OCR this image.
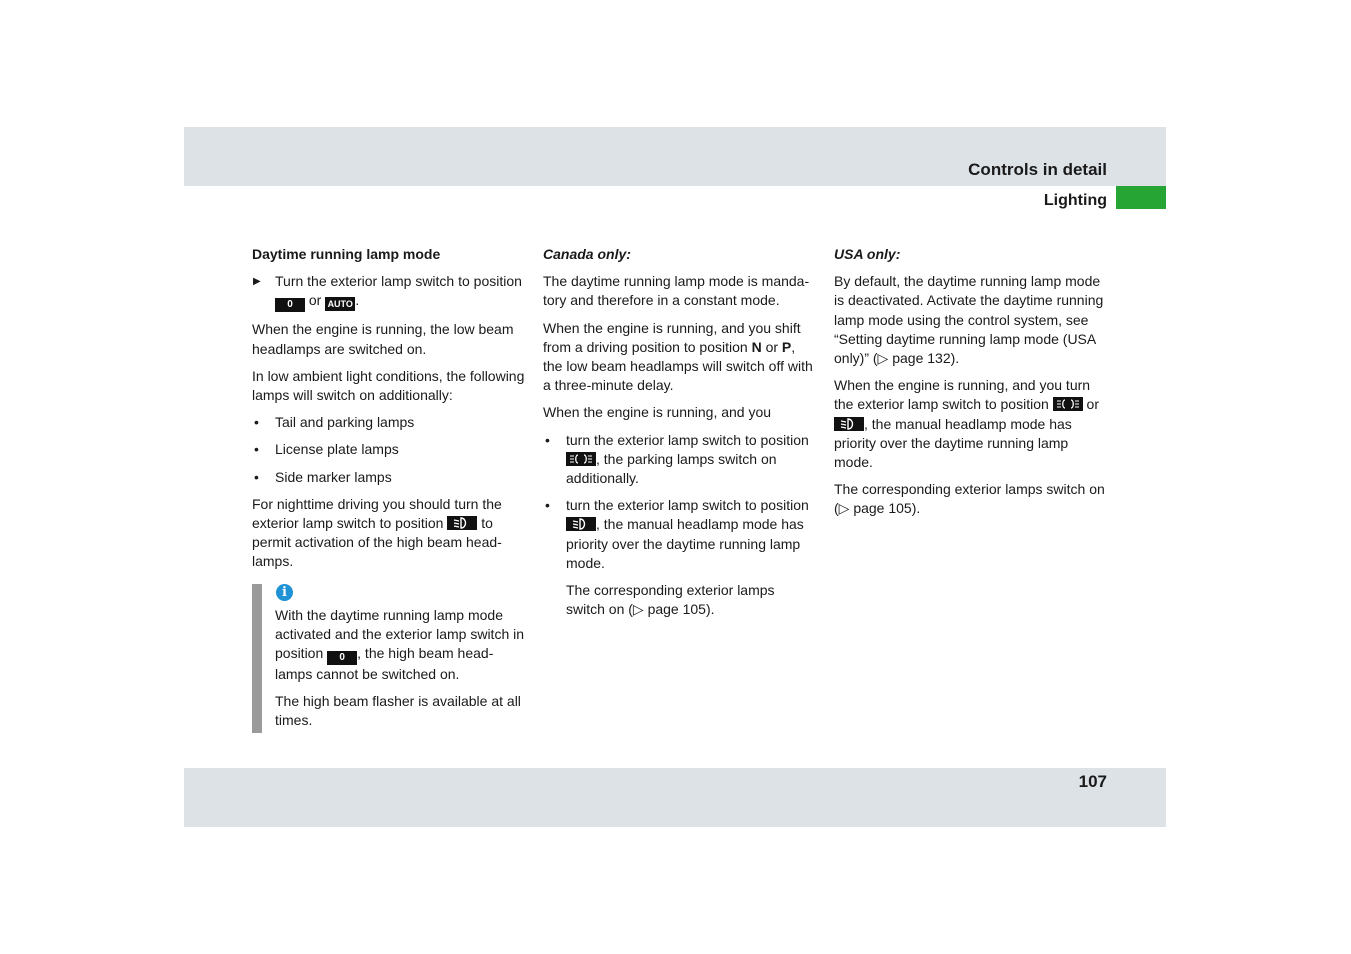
Controls in detail
Lighting
107
Daytime running lamp mode
▶ Turn the exterior lamp switch to position 0 or AUTO .

When the engine is running, the low beam headlamps are switched on.

In low ambient light conditions, the following lamps will switch on additionally:

• Tail and parking lamps
• License plate lamps
• Side marker lamps

For nighttime driving you should turn the exterior lamp switch to position	to permit activation of the high beam head-lamps.

i

With the daytime running lamp mode activated and the exterior lamp switch in position 0 , the high beam head-lamps cannot be switched on.

The high beam flasher is available at all times.

Canada only:

The daytime running lamp mode is manda-tory and therefore in a constant mode.

When the engine is running, and you shift from a driving position to position N or P, the low beam headlamps will switch off with a three-minute delay.

When the engine is running, and you

• turn the exterior lamp switch to position
, the parking lamps switch on additionally.
• turn the exterior lamp switch to position
, the manual headlamp mode has priority over the daytime running lamp mode.

The corresponding exterior lamps switch on (▷ page 105).

USA only:

By default, the daytime running lamp mode is deactivated. Activate the daytime running lamp mode using the control system, see “Setting daytime running lamp mode (USA only)” (▷ page 132).

When the engine is running, and you turn the exterior lamp switch to position	or
, the manual headlamp mode has priority over the daytime running lamp mode.

The corresponding exterior lamps switch on (▷ page 105).
